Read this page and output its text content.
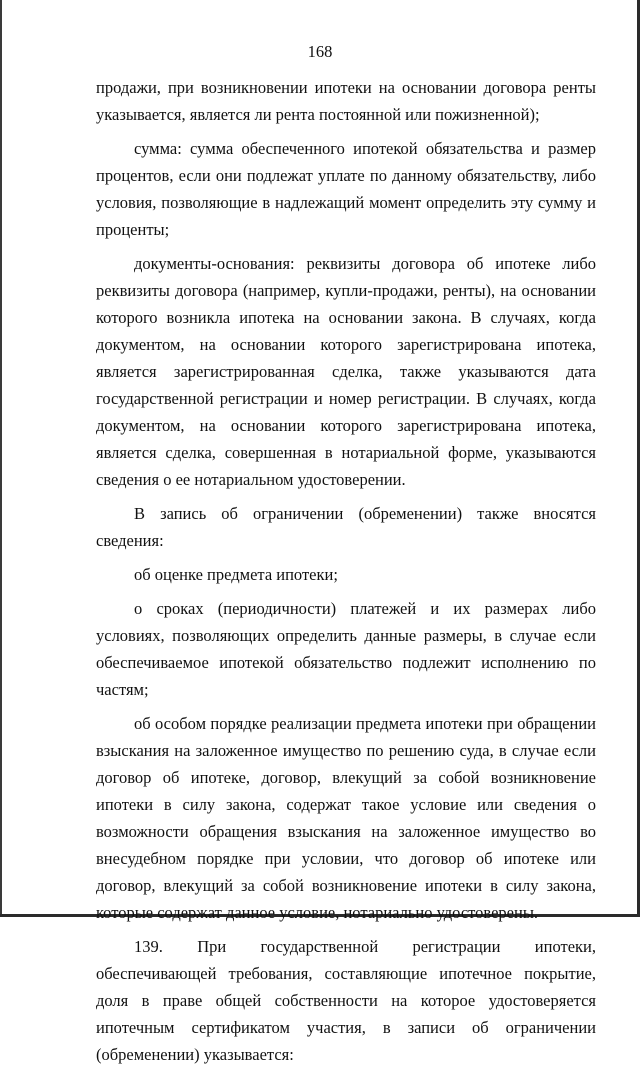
168

продажи, при возникновении ипотеки на основании договора ренты указывается, является ли рента постоянной или пожизненной);

сумма: сумма обеспеченного ипотекой обязательства и размер процентов, если они подлежат уплате по данному обязательству, либо условия, позволяющие в надлежащий момент определить эту сумму и проценты;

документы-основания: реквизиты договора об ипотеке либо реквизиты договора (например, купли-продажи, ренты), на основании которого возникла ипотека на основании закона. В случаях, когда документом, на основании которого зарегистрирована ипотека, является зарегистрированная сделка, также указываются дата государственной регистрации и номер регистрации. В случаях, когда документом, на основании которого зарегистрирована ипотека, является сделка, совершенная в нотариальной форме, указываются сведения о ее нотариальном удостоверении.

В запись об ограничении (обременении) также вносятся сведения:

об оценке предмета ипотеки;

о сроках (периодичности) платежей и их размерах либо условиях, позволяющих определить данные размеры, в случае если обеспечиваемое ипотекой обязательство подлежит исполнению по частям;

об особом порядке реализации предмета ипотеки при обращении взыскания на заложенное имущество по решению суда, в случае если договор об ипотеке, договор, влекущий за собой возникновение ипотеки в силу закона, содержат такое условие или сведения о возможности обращения взыскания на заложенное имущество во внесудебном порядке при условии, что договор об ипотеке или договор, влекущий за собой возникновение ипотеки в силу закона, которые содержат данное условие, нотариально удостоверены.

139. При государственной регистрации ипотеки, обеспечивающей требования, составляющие ипотечное покрытие, доля в праве общей собственности на которое удостоверяется ипотечным сертификатом участия, в записи об ограничении (обременении) указывается:
